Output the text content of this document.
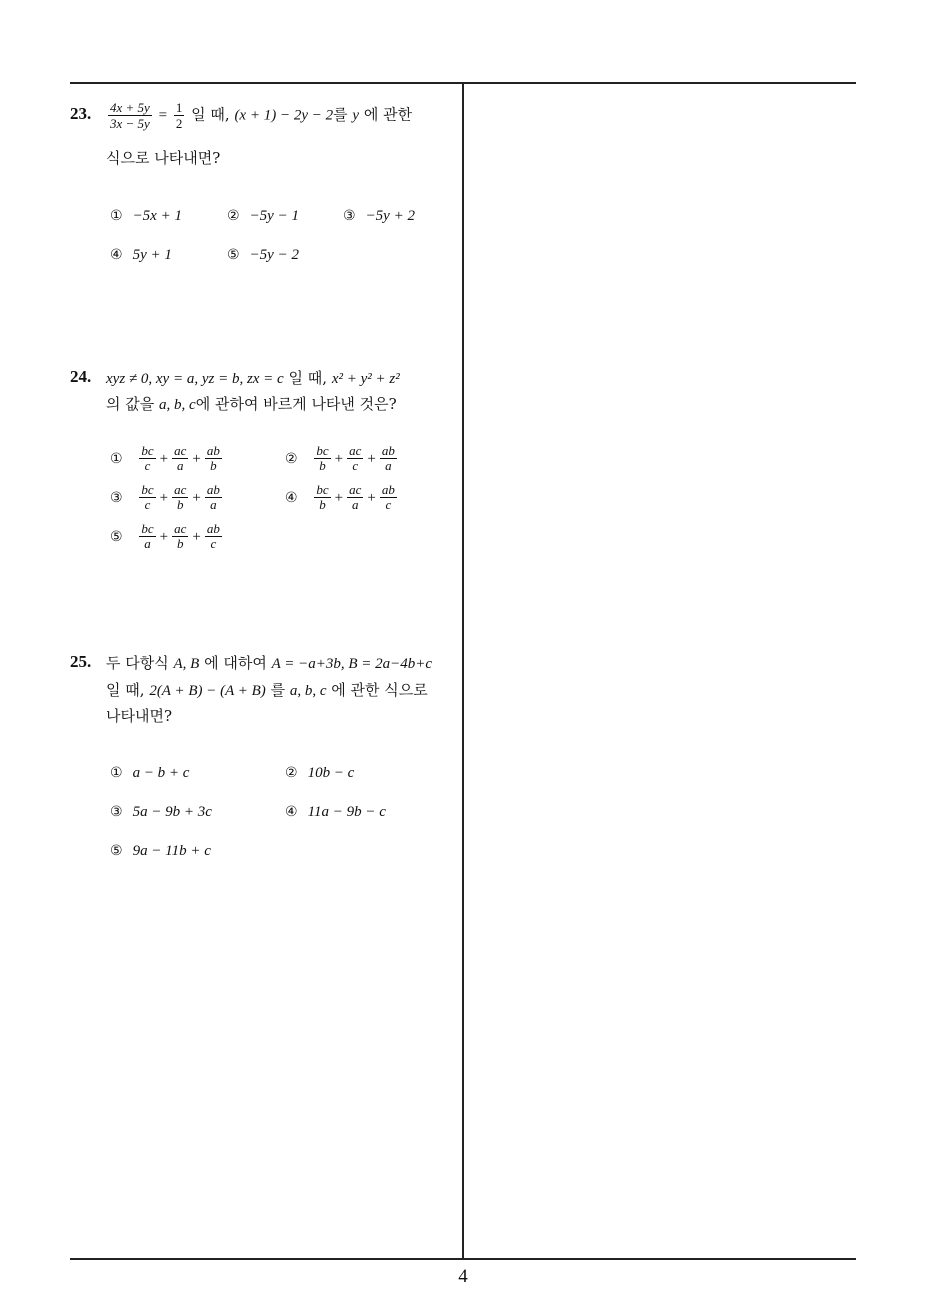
4
23. $\frac{4x + 5y}{3x - 5y} = \frac{1}{2}$ 일 때, (x + 1) − 2y − 2를 y 에 관한
식으로 나타내면?
① −5x + 1	② −5y − 1	③ −5y + 2
④ 5y + 1	⑤ −5y − 2
24. xyz ≠ 0, xy = a, yz = b, zx = c 일 때, x² + y² + z²
의 값을 a, b, c에 관하여 바르게 나타낸 것은?
① $\frac{bc}{c} + \frac{ac}{a} + \frac{ab}{b}$	② $\frac{bc}{b} + \frac{ac}{c} + \frac{ab}{a}$
③ $\frac{bc}{c} + \frac{ac}{b} + \frac{ab}{a}$	④ $\frac{bc}{b} + \frac{ac}{a} + \frac{ab}{c}$
⑤ $\frac{bc}{a} + \frac{ac}{b} + \frac{ab}{c}$
25. 두 다항식 A, B 에 대하여 A = −a+3b, B = 2a−4b+c
일 때, 2(A + B) − (A + B) 를 a, b, c 에 관한 식으로
나타내면?
① a − b + c	② 10b − c
③ 5a − 9b + 3c	④ 11a − 9b − c
⑤ 9a − 11b + c
